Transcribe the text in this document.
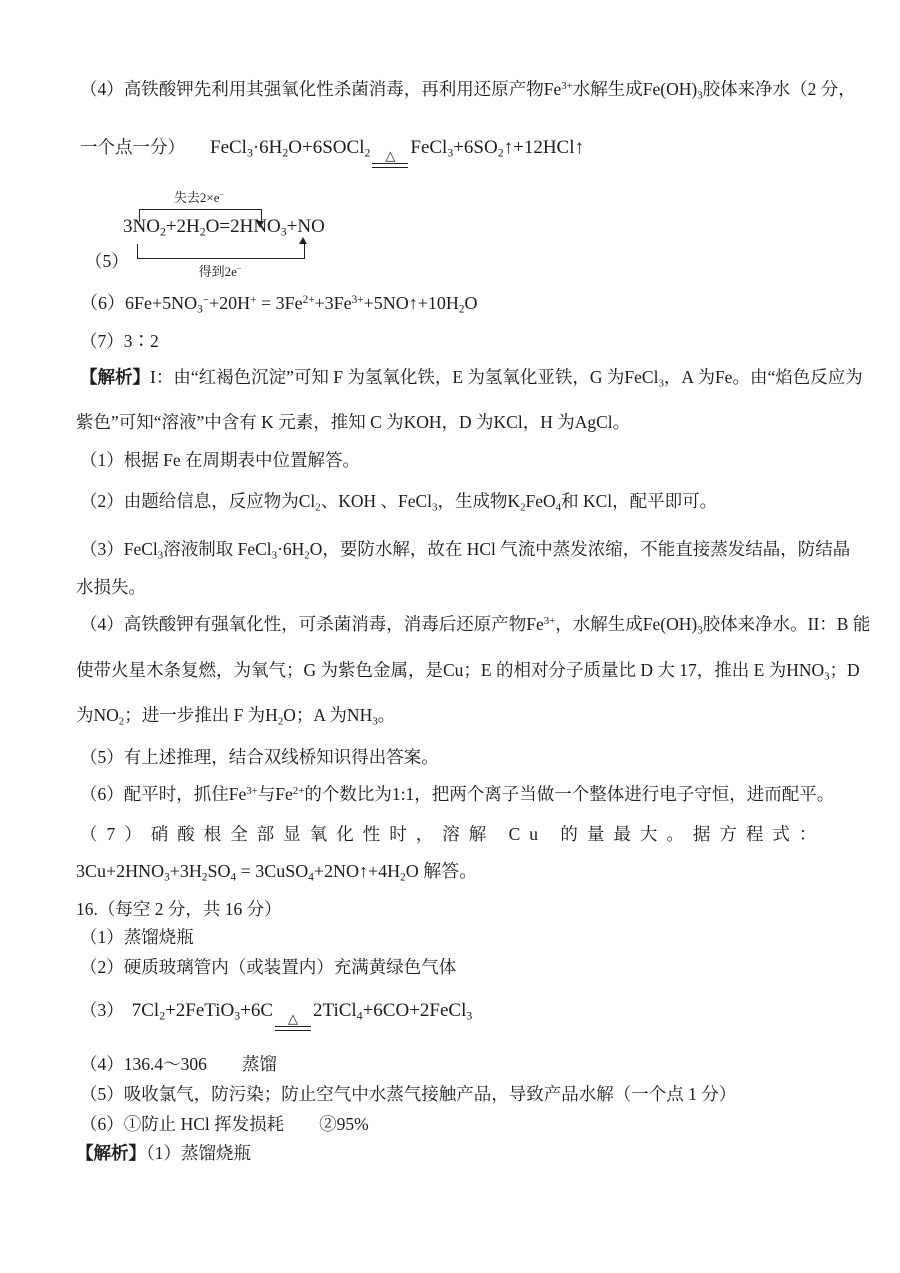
（4）高铁酸钾先利用其强氧化性杀菌消毒，再利用还原产物$Fe^{3+}$水解生成$Fe(OH)_3$胶体来净水（2 分，
一个点一分） $FeCl_3\cdot 6H_2O+6SOCl_2$	△ $FeCl_3+6SO_2↑+12HCl↑$
失去2×e−
$3NO_2+2H_2O=2HNO_3+NO$
得到2e−
（5）
$(6)6Fe+5NO_3^-+20H^+$ = $3Fe^{2+}+3Fe^{3+}+5NO↑+10H_2O$
（7）3∶2
【解析】I：由“红褐色沉淀”可知 F 为氢氧化铁，E 为氢氧化亚铁，G 为FeCl$_3$，A 为Fe。由“焰色反应为
紫色”可知“溶液”中含有 K 元素，推知 C 为KOH，D 为KCl，H 为AgCl。
（1）根据 Fe 在周期表中位置解答。
（2）由题给信息，反应物为$Cl_2$、KOH 、FeCl$_3$，生成物$K_2FeO_4$和 KCl，配平即可。
（3）FeCl$_3$溶液制取 $FeCl_3\cdot 6H_2O$，要防水解，故在 HCl 气流中蒸发浓缩，不能直接蒸发结晶，防结晶
水损失。
（4）高铁酸钾有强氧化性，可杀菌消毒，消毒后还原产物$Fe^{3+}$，水解生成$Fe(OH)_3$胶体来净水。II：B 能
使带火星木条复燃，为氧气；G 为紫色金属，是Cu；E 的相对分子质量比 D 大 17，推出 E 为$HNO_3$；D
为$NO_2$；进一步推出 F 为$H_2O$；A 为$NH_3$。
（5）有上述推理，结合双线桥知识得出答案。
（6）配平时，抓住$Fe^{3+}$与$Fe^{2+}$的个数比为1:1，把两个离子当做一个整体进行电子守恒，进而配平。
（7）硝酸根全部显氧化性时，溶解 Cu 的量最大。据方程式：
$3Cu+2HNO_3+3H_2SO_4$ = $3CuSO_4+2NO↑+4H_2O$ 解答。
16.（每空 2 分，共 16 分）
（1）蒸馏烧瓶
（2）硬质玻璃管内（或装置内）充满黄绿色气体
（3） $7Cl_2+2FeTiO_3+6C$	△ 2TiCl$_4$+6CO+2FeCl$_3$
（4）136.4～306　　蒸馏
（5）吸收氯气，防污染；防止空气中水蒸气接触产品，导致产品水解（一个点 1 分）
（6）①防止 HCl 挥发损耗　　②95%
【解析】（1）蒸馏烧瓶
